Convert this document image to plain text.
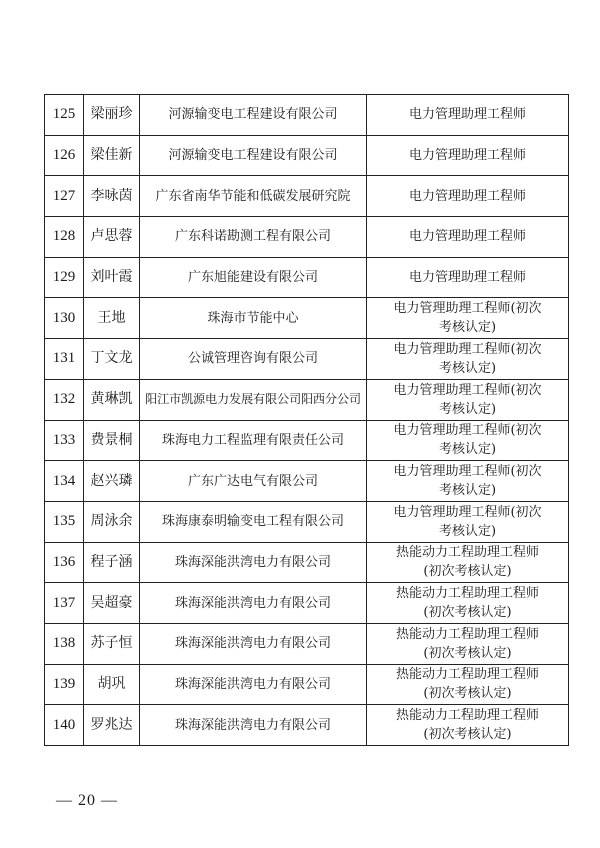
125	梁丽珍	河源输变电工程建设有限公司	电力管理助理工程师
126	梁佳新	河源输变电工程建设有限公司	电力管理助理工程师
127	李咏茵	广东省南华节能和低碳发展研究院	电力管理助理工程师
128	卢思蓉	广东科诺勘测工程有限公司	电力管理助理工程师
129	刘叶霞	广东旭能建设有限公司	电力管理助理工程师
130	王地	珠海市节能中心	电力管理助理工程师(初次
考核认定)
131	丁文龙	公诚管理咨询有限公司	电力管理助理工程师(初次
考核认定)
132	黄琳凯	阳江市凯源电力发展有限公司阳西分公司	电力管理助理工程师(初次
考核认定)
133	费景桐	珠海电力工程监理有限责任公司	电力管理助理工程师(初次
考核认定)
134	赵兴璘	广东广达电气有限公司	电力管理助理工程师(初次
考核认定)
135	周泳余	珠海康泰明输变电工程有限公司	电力管理助理工程师(初次
考核认定)
136	程子涵	珠海深能洪湾电力有限公司	热能动力工程助理工程师
(初次考核认定)
137	吴超豪	珠海深能洪湾电力有限公司	热能动力工程助理工程师
(初次考核认定)
138	苏子恒	珠海深能洪湾电力有限公司	热能动力工程助理工程师
(初次考核认定)
139	胡巩	珠海深能洪湾电力有限公司	热能动力工程助理工程师
(初次考核认定)
140	罗兆达	珠海深能洪湾电力有限公司	热能动力工程助理工程师
(初次考核认定)
— 20 —
